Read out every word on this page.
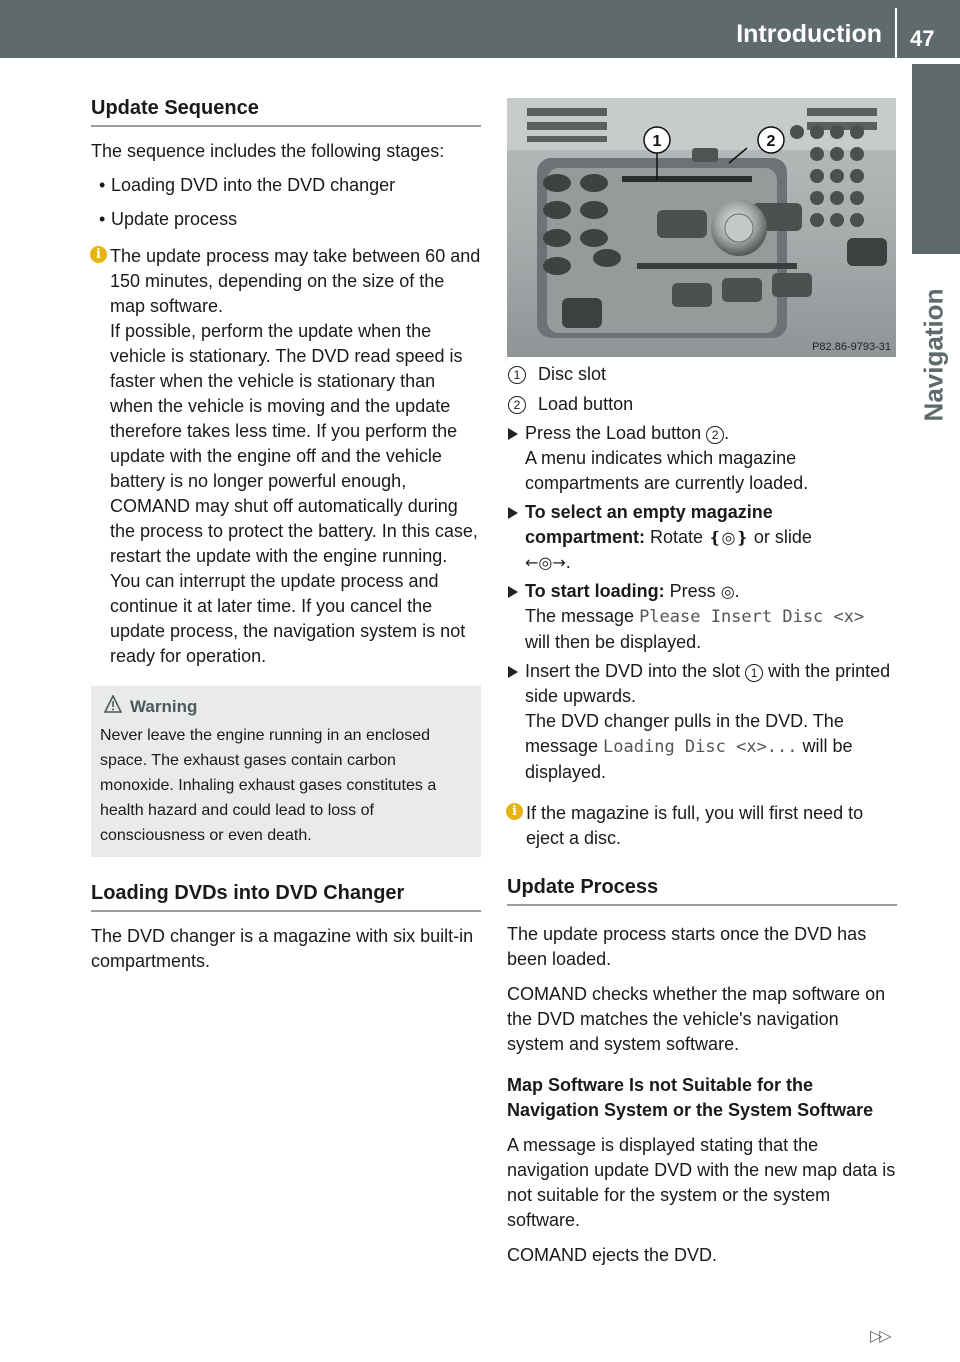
Introduction 47
Navigation
Update Sequence

The sequence includes the following stages:

• Loading DVD into the DVD changer
• Update process
i The update process may take between 60 and 150 minutes, depending on the size of the map software.

If possible, perform the update when the vehicle is stationary. The DVD read speed is faster when the vehicle is stationary than when the vehicle is moving and the update therefore takes less time. If you perform the update with the engine off and the vehicle battery is no longer powerful enough, COMAND may shut off automatically during the process to protect the battery. In this case, restart the update with the engine running.

You can interrupt the update process and continue it at later time. If you cancel the update process, the navigation system is not ready for operation.

Warning
Never leave the engine running in an enclosed space. The exhaust gases contain carbon monoxide. Inhaling exhaust gases constitutes a health hazard and could lead to loss of consciousness or even death.
Loading DVDs into DVD Changer

The DVD changer is a magazine with six built-in compartments.

1	2
P82.86-9793-31
1 Disc slot
2 Load button
Press the Load button 2 .
A menu indicates which magazine compartments are currently loaded.
To select an empty magazine compartment: Rotate ❴◎❵ or slide
←◎→.
To start loading: Press ◎.
The message Please Insert Disc <x>
will then be displayed.
Insert the DVD into the slot 1 with the printed side upwards.
The DVD changer pulls in the DVD. The message Loading Disc <x>... will be displayed.
i If the magazine is full, you will first need to eject a disc.

Update Process

The update process starts once the DVD has been loaded.

COMAND checks whether the map software on the DVD matches the vehicle's navigation system and system software.

Map Software Is not Suitable for the Navigation System or the System Software

A message is displayed stating that the navigation update DVD with the new map data is not suitable for the system or the system software.

COMAND ejects the DVD.

▷▷
